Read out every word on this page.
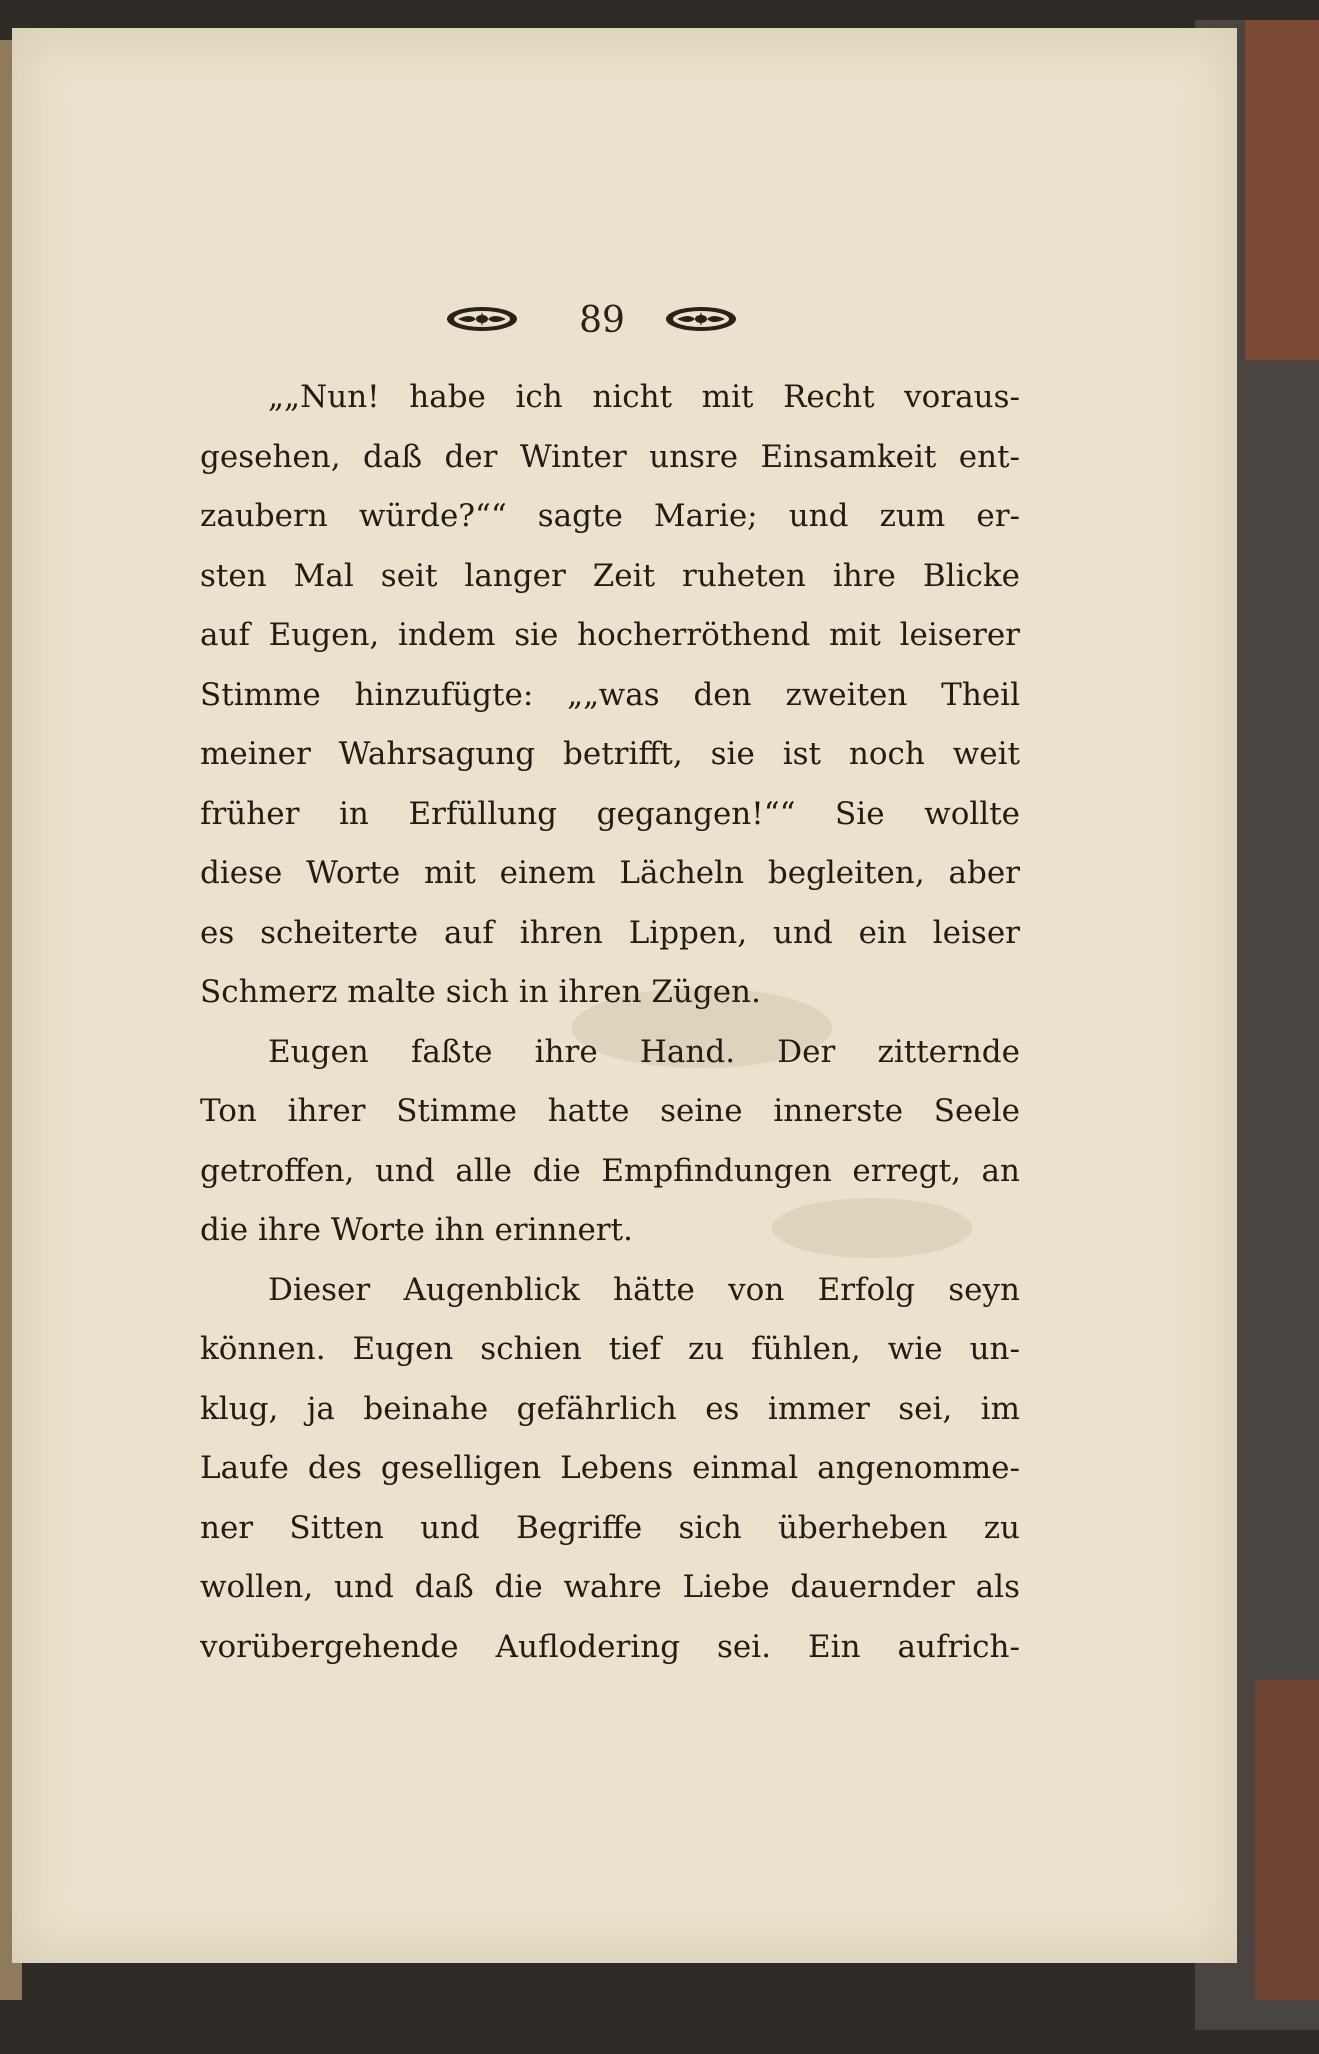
89
„„Nun! habe ich nicht mit Recht voraus-
gesehen, daß der Winter unsre Einsamkeit ent-
zaubern würde?““ sagte Marie; und zum er-
sten Mal seit langer Zeit ruheten ihre Blicke
auf Eugen, indem sie hocherröthend mit leiserer
Stimme hinzufügte: „„was den zweiten Theil
meiner Wahrsagung betrifft, sie ist noch weit
früher in Erfüllung gegangen!““ Sie wollte
diese Worte mit einem Lächeln begleiten, aber
es scheiterte auf ihren Lippen, und ein leiser
Schmerz malte sich in ihren Zügen.
Eugen faßte ihre Hand. Der zitternde
Ton ihrer Stimme hatte seine innerste Seele
getroffen, und alle die Empfindungen erregt, an
die ihre Worte ihn erinnert.
Dieser Augenblick hätte von Erfolg seyn
können. Eugen schien tief zu fühlen, wie un-
klug, ja beinahe gefährlich es immer sei, im
Laufe des geselligen Lebens einmal angenomme-
ner Sitten und Begriffe sich überheben zu
wollen, und daß die wahre Liebe dauernder als
vorübergehende Auflodering sei. Ein aufrich-
